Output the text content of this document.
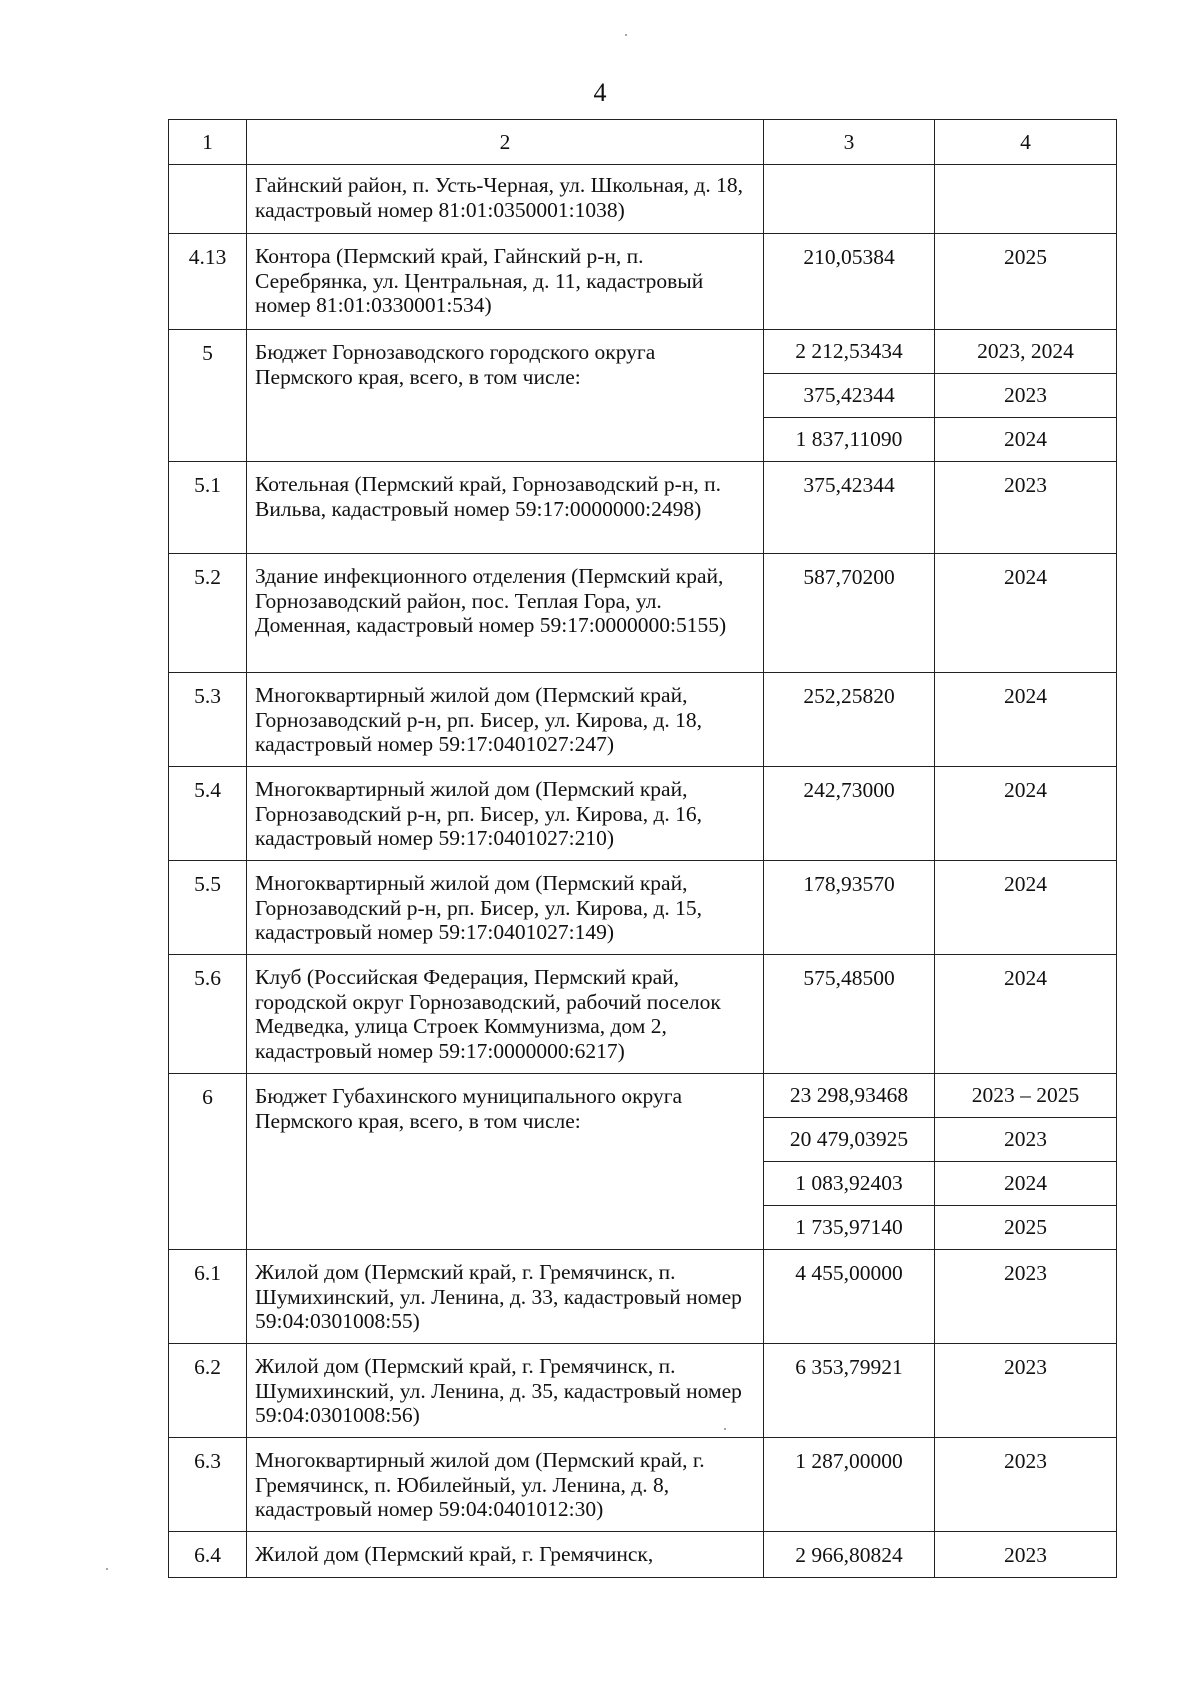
4
1	2	3	4
	Гайнский район, п. Усть-Черная, ул. Школьная, д. 18, кадастровый номер 81:01:0350001:1038)		
4.13	Контора (Пермский край, Гайнский р-н, п. Серебрянка, ул. Центральная, д. 11, кадастровый номер 81:01:0330001:534)	210,05384	2025
5	Бюджет Горнозаводского городского округа Пермского края, всего, в том числе:	2 212,53434	2023, 2024
		375,42344	2023
		1 837,11090	2024
5.1	Котельная (Пермский край, Горнозаводский р-н, п. Вильва, кадастровый номер 59:17:0000000:2498)	375,42344	2023
5.2	Здание инфекционного отделения (Пермский край, Горнозаводский район, пос. Теплая Гора, ул. Доменная, кадастровый номер 59:17:0000000:5155)	587,70200	2024
5.3	Многоквартирный жилой дом (Пермский край, Горнозаводский р-н, рп. Бисер, ул. Кирова, д. 18, кадастровый номер 59:17:0401027:247)	252,25820	2024
5.4	Многоквартирный жилой дом (Пермский край, Горнозаводский р-н, рп. Бисер, ул. Кирова, д. 16, кадастровый номер 59:17:0401027:210)	242,73000	2024
5.5	Многоквартирный жилой дом (Пермский край, Горнозаводский р-н, рп. Бисер, ул. Кирова, д. 15, кадастровый номер 59:17:0401027:149)	178,93570	2024
5.6	Клуб (Российская Федерация, Пермский край, городской округ Горнозаводский, рабочий поселок Медведка, улица Строек Коммунизма, дом 2, кадастровый номер 59:17:0000000:6217)	575,48500	2024
6	Бюджет Губахинского муниципального округа Пермского края, всего, в том числе:	23 298,93468	2023 – 2025
		20 479,03925	2023
		1 083,92403	2024
		1 735,97140	2025
6.1	Жилой дом (Пермский край, г. Гремячинск, п. Шумихинский, ул. Ленина, д. 33, кадастровый номер 59:04:0301008:55)	4 455,00000	2023
6.2	Жилой дом (Пермский край, г. Гремячинск, п. Шумихинский, ул. Ленина, д. 35, кадастровый номер 59:04:0301008:56)	6 353,79921	2023
6.3	Многоквартирный жилой дом (Пермский край, г. Гремячинск, п. Юбилейный, ул. Ленина, д. 8, кадастровый номер 59:04:0401012:30)	1 287,00000	2023
6.4	Жилой дом (Пермский край, г. Гремячинск,	2 966,80824	2023
